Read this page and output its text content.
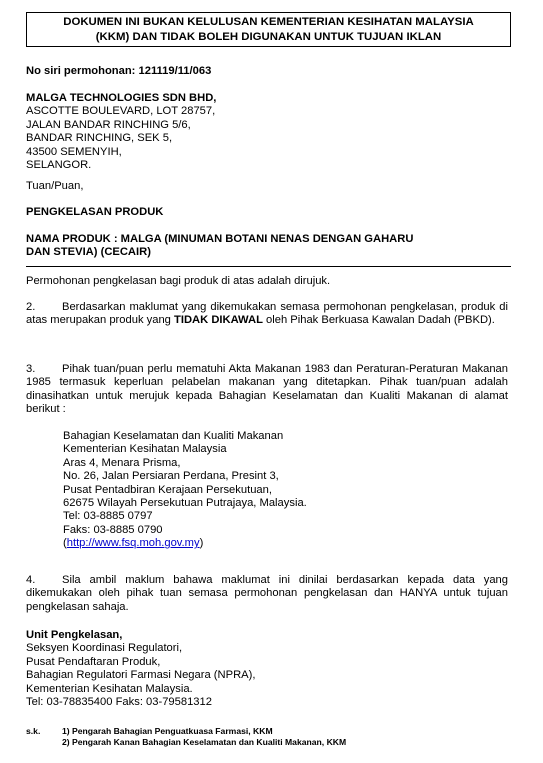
DOKUMEN INI BUKAN KELULUSAN KEMENTERIAN KESIHATAN MALAYSIA
(KKM) DAN TIDAK BOLEH DIGUNAKAN UNTUK TUJUAN IKLAN
No siri permohonan: 121119/11/063
MALGA TECHNOLOGIES SDN BHD,
ASCOTTE BOULEVARD, LOT 28757,
JALAN BANDAR RINCHING 5/6,
BANDAR RINCHING, SEK 5,
43500 SEMENYIH,
SELANGOR.
Tuan/Puan,
PENGKELASAN PRODUK
NAMA PRODUK : MALGA (MINUMAN BOTANI NENAS DENGAN GAHARU
DAN STEVIA) (CECAIR)
Permohonan pengkelasan bagi produk di atas adalah dirujuk.
2. Berdasarkan maklumat yang dikemukakan semasa permohonan pengkelasan, produk di atas merupakan produk yang TIDAK DIKAWAL oleh Pihak Berkuasa Kawalan Dadah (PBKD).
3. Pihak tuan/puan perlu mematuhi Akta Makanan 1983 dan Peraturan-Peraturan Makanan 1985 termasuk keperluan pelabelan makanan yang ditetapkan. Pihak tuan/puan adalah dinasihatkan untuk merujuk kepada Bahagian Keselamatan dan Kualiti Makanan di alamat berikut :
Bahagian Keselamatan dan Kualiti Makanan
Kementerian Kesihatan Malaysia
Aras 4, Menara Prisma,
No. 26, Jalan Persiaran Perdana, Presint 3,
Pusat Pentadbiran Kerajaan Persekutuan,
62675 Wilayah Persekutuan Putrajaya, Malaysia.
Tel: 03-8885 0797
Faks: 03-8885 0790
(http://www.fsq.moh.gov.my)
4. Sila ambil maklum bahawa maklumat ini dinilai berdasarkan kepada data yang dikemukakan oleh pihak tuan semasa permohonan pengkelasan dan HANYA untuk tujuan pengkelasan sahaja.
Unit Pengkelasan,
Seksyen Koordinasi Regulatori,
Pusat Pendaftaran Produk,
Bahagian Regulatori Farmasi Negara (NPRA),
Kementerian Kesihatan Malaysia.
Tel: 03-78835400 Faks: 03-79581312
s.k.	1) Pengarah Bahagian Penguatkuasa Farmasi, KKM
2) Pengarah Kanan Bahagian Keselamatan dan Kualiti Makanan, KKM
